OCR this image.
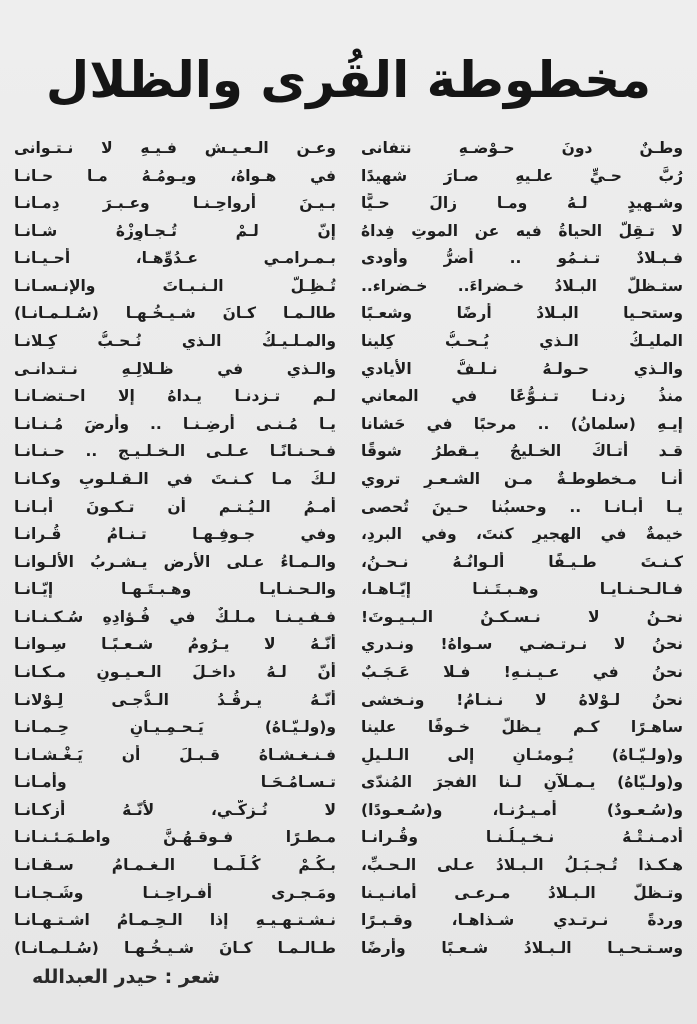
مخطوطة القُرى والظلال
وطـنٌ دونَ حـوْضـهِ نتفانى
رُبَّ حـيٍّ علـيهِ صـارَ شهيدًا
وشـهيدٍ لـهُ ومـا زالَ حـيًّا
لا تـقِلُّ الحياةُ فيه عن الموتِ فِداهُ
فـبـلادٌ تـنـمُو .. أضرُّ وأودى
ستـظلُّ البـلادُ خـضراءَ.. خـضراء..
وستحـيا البـلادُ أرضًا وشعـبًا
المليـكُ الـذي يُـحـبُّ كِلينا
والـذي حـولـهُ نـلـفُّ الأيادي
منذُ زدنـا تـنـوُّعًا في المعاني
إيـهِ (سلمانُ) .. مرحبًا في حَشانا
قـد أتـاكَ الخـليجُ يـقطرُ شوقًا
أنـا مـخطوطـةٌ مـن الشـعـرِ تروي
يـا أبـانـا .. وحسبُنا حـينَ تُحصى
خيمةٌ في الهجيرِ كنتَ، وفي البردِ،
كـنـتَ طـيـفًا ألـوانُـهُ نـحـنُ،
فـالـحـنـايـا وهـبـتَـنـا إيّـاهـا،
نحـنُ لا نـسـكـنُ الـبـيـوتَ!
نحنُ لا نـرتـضـي سـواهُ! ونـدري
نحنُ في عـيـنـهِ! فـلا عَـجَـبٌ
نحنُ لـوْلاهُ لا نـنـامُ! ونـخشى
ساهـرًا كـم يـظلُّ خـوفًا علينا
و(ولـيّـاهُ) يُـومئـانِ إلى الـلـيلِ
و(ولـيّاهُ) يـمـلآنِ لـنا الفجرَ المُندّى
و(سُـعـودٌ) أمـيـرُنـا، و(سُـعـودًا)
أدمـنـتْـهُ نـخـيـلُـنـا وقُـرانـا
هـكـذا تُـجـبَـلُ الـبـلادُ عـلى الـحـبِّ،
وتـظلُّ الـبـلادُ مـرعـى أمانـيـنا
وردةً نـرتـدي شـذاهـا، وقـبـرًا
وسـتـحـيـا الـبـلادُ شـعـبًا وأرضًا
وعـن الـعـيـشِ فـيـهِ لا نـتـوانى
في هـواهُ، ويـومُـهُ مـا حـانـا
بـيـنَ أرواحِـنـا وعـبـرَ دِمـانـا
إنّ لـمْ تُـجـاوِزْهُ شـانـا
بـمـرامـي عـدُوِّهـا، أحـيـانـا
تُـظِـلُّ الـنـبـاتَ والإنـسـانـا
طالـمـا كـانَ شـيـخُـهـا (سُـلـمـانـا)
والمـلـيـكُ الـذي نُـحـبُّ كِـلانـا
والـذي في ظـلالِـهِ نـتـدانـى
لـم تـزدنـا يـداهُ إلا احـتضـانـا
يـا مُـنـى أرضِـنـا .. وأرضَ مُـنـانـا
فـحـنـانًـا عـلـى الـخـلـيـجِ .. حـنـانـا
لـكَ مـا كـنـتَ في الـقـلـوبِ وكـانـا
أمـمُ الـيُـتـمِ أن تـكـونَ أبـانـا
وفي جـوفِـهـا تـنـامُ قُـرانـا
والـمـاءُ عـلى الأرضِ يـشـربُ الألـوانـا
والـحـنـايـا وهـبـتَـهـا إيّـانـا
فـفـيـنـا مـلـكٌ في فُـؤادِهِ سُـكـنـانـا
أنّـهُ لا يـرُومُ شـعـبًـا سِـوانـا
أنّ لـهُ داخـلَ الـعـيـونِ مـكـانـا
أنّـهُ يـرقُـدُ الـدُّجـى لِـوْلانـا
و(ولـيّـاهُ) يَـحـمِـيـانِ حِـمـانـا
فـنـغـشـاهُ قـبـلَ أن يَـغْـشـانـا
تـسـامُـحَـا وأمـانـا
لا نُـزكّـي، لأنّـهُ أزكـانـا
مـطـرًا فـوقـهُـنَّ واطـمَـئـنـانـا
بـكُـمْ كُـلّـمـا الـغـمـامُ سـقـانـا
ومَـجـرى أفـراحِـنـا وشَـجـانـا
نـشـتـهـيـهِ إذا الـحِـمـامُ اشـتـهـانـا
طـالـمـا كـانَ شـيـخُـهـا (سُـلـمـانـا)
شعر : حيدر العبدالله
